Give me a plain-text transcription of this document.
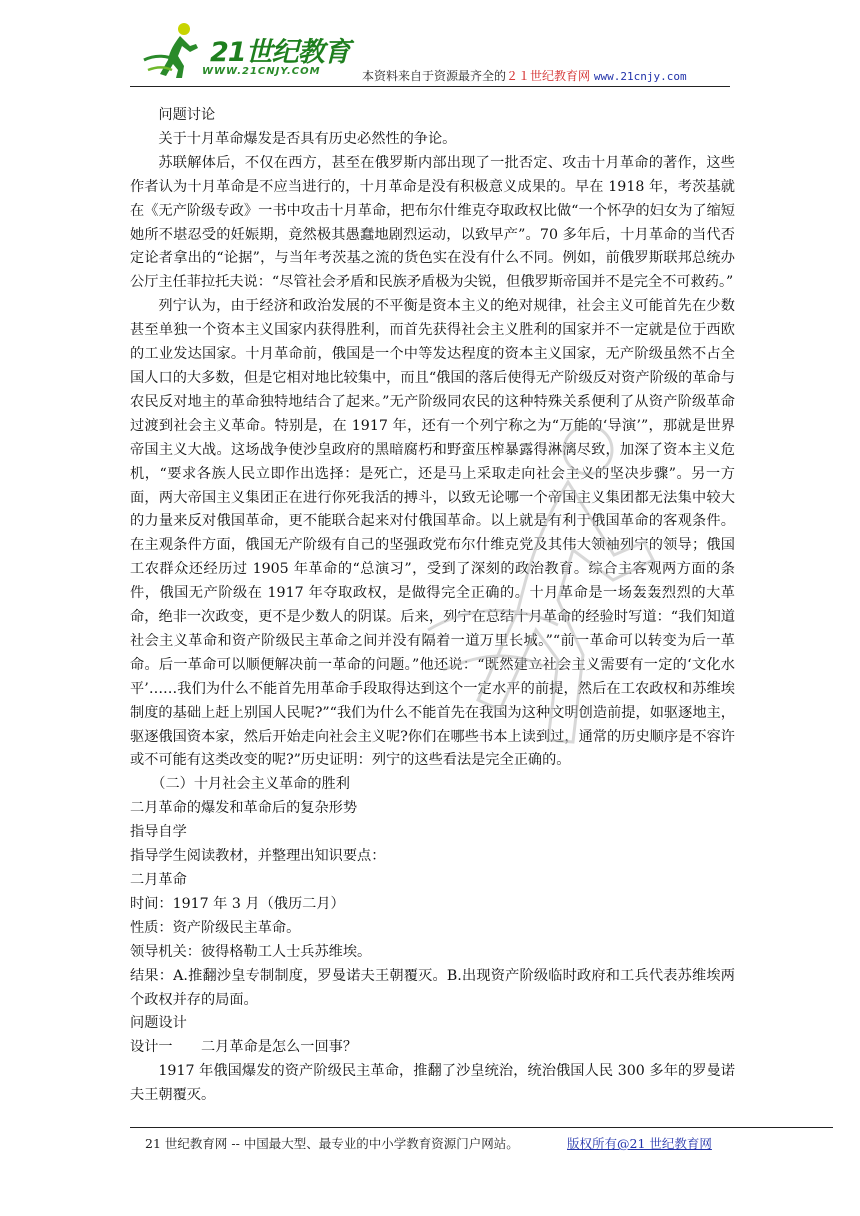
21世纪教育
WWW.21CNJY.COM	本资料来自于资源最齐全的２１世纪教育网 www.21cnjy.com

问题讨论

关于十月革命爆发是否具有历史必然性的争论。

苏联解体后，不仅在西方，甚至在俄罗斯内部出现了一批否定、攻击十月革命的著作，这些作者认为十月革命是不应当进行的，十月革命是没有积极意义成果的。早在 1918 年，考茨基就在《无产阶级专政》一书中攻击十月革命，把布尔什维克夺取政权比做“一个怀孕的妇女为了缩短她所不堪忍受的妊娠期，竟然极其愚蠢地剧烈运动，以致早产”。70 多年后，十月革命的当代否定论者拿出的“论据”，与当年考茨基之流的货色实在没有什么不同。例如，前俄罗斯联邦总统办公厅主任菲拉托夫说：“尽管社会矛盾和民族矛盾极为尖锐，但俄罗斯帝国并不是完全不可救药。”

列宁认为，由于经济和政治发展的不平衡是资本主义的绝对规律，社会主义可能首先在少数甚至单独一个资本主义国家内获得胜利，而首先获得社会主义胜利的国家并不一定就是位于西欧的工业发达国家。十月革命前，俄国是一个中等发达程度的资本主义国家，无产阶级虽然不占全国人口的大多数，但是它相对地比较集中，而且“俄国的落后使得无产阶级反对资产阶级的革命与农民反对地主的革命独特地结合了起来。”无产阶级同农民的这种特殊关系便利了从资产阶级革命过渡到社会主义革命。特别是，在 1917 年，还有一个列宁称之为“万能的‘导演’”，那就是世界帝国主义大战。这场战争使沙皇政府的黑暗腐朽和野蛮压榨暴露得淋漓尽致，加深了资本主义危机，“要求各族人民立即作出选择：是死亡，还是马上采取走向社会主义的坚决步骤”。另一方面，两大帝国主义集团正在进行你死我活的搏斗，以致无论哪一个帝国主义集团都无法集中较大的力量来反对俄国革命，更不能联合起来对付俄国革命。以上就是有利于俄国革命的客观条件。在主观条件方面，俄国无产阶级有自己的坚强政党布尔什维克党及其伟大领袖列宁的领导；俄国工农群众还经历过 1905 年革命的“总演习”，受到了深刻的政治教育。综合主客观两方面的条件，俄国无产阶级在 1917 年夺取政权，是做得完全正确的。十月革命是一场轰轰烈烈的大革命，绝非一次政变，更不是少数人的阴谋。后来，列宁在总结十月革命的经验时写道：“我们知道社会主义革命和资产阶级民主革命之间并没有隔着一道万里长城。”“前一革命可以转变为后一革命。后一革命可以顺便解决前一革命的问题。”他还说：“既然建立社会主义需要有一定的‘文化水平’……我们为什么不能首先用革命手段取得达到这个一定水平的前提，然后在工农政权和苏维埃制度的基础上赶上别国人民呢?”“我们为什么不能首先在我国为这种文明创造前提，如驱逐地主，驱逐俄国资本家，然后开始走向社会主义呢?你们在哪些书本上读到过，通常的历史顺序是不容许或不可能有这类改变的呢?”历史证明：列宁的这些看法是完全正确的。

（二）十月社会主义革命的胜利

二月革命的爆发和革命后的复杂形势

指导自学

指导学生阅读教材，并整理出知识要点：

二月革命

时间：1917 年 3 月（俄历二月）

性质：资产阶级民主革命。

领导机关：彼得格勒工人士兵苏维埃。

结果：A.推翻沙皇专制制度，罗曼诺夫王朝覆灭。B.出现资产阶级临时政府和工兵代表苏维埃两个政权并存的局面。

问题设计

设计一　　二月革命是怎么一回事？

1917 年俄国爆发的资产阶级民主革命，推翻了沙皇统治，统治俄国人民 300 多年的罗曼诺夫王朝覆灭。

21 世纪教育网 -- 中国最大型、最专业的中小学教育资源门户网站。	版权所有@21 世纪教育网
